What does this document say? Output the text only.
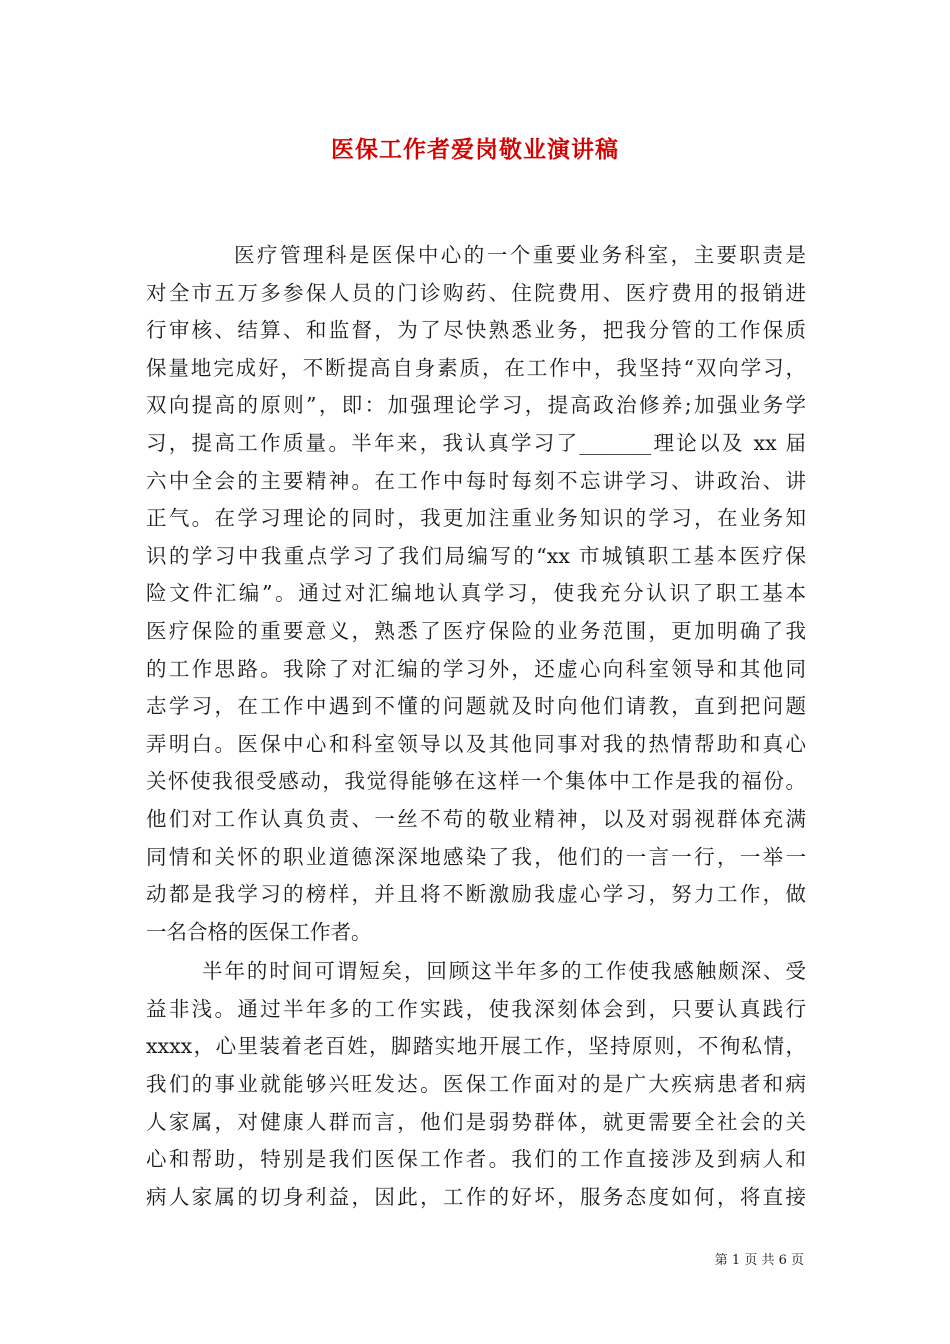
医保工作者爱岗敬业演讲稿
医疗管理科是医保中心的一个重要业务科室，主要职责是
对全市五万多参保人员的门诊购药、住院费用、医疗费用的报销进
行审核、结算、和监督，为了尽快熟悉业务，把我分管的工作保质
保量地完成好，不断提高自身素质，在工作中，我坚持“双向学习，
双向提高的原则”，即：加强理论学习，提高政治修养;加强业务学
习，提高工作质量。半年来，我认真学习了_______理论以及 xx 届
六中全会的主要精神。在工作中每时每刻不忘讲学习、讲政治、讲
正气。在学习理论的同时，我更加注重业务知识的学习，在业务知
识的学习中我重点学习了我们局编写的“xx 市城镇职工基本医疗保
险文件汇编”。通过对汇编地认真学习，使我充分认识了职工基本
医疗保险的重要意义，熟悉了医疗保险的业务范围，更加明确了我
的工作思路。我除了对汇编的学习外，还虚心向科室领导和其他同
志学习，在工作中遇到不懂的问题就及时向他们请教，直到把问题
弄明白。医保中心和科室领导以及其他同事对我的热情帮助和真心
关怀使我很受感动，我觉得能够在这样一个集体中工作是我的福份。
他们对工作认真负责、一丝不苟的敬业精神，以及对弱视群体充满
同情和关怀的职业道德深深地感染了我，他们的一言一行，一举一
动都是我学习的榜样，并且将不断激励我虚心学习，努力工作，做
一名合格的医保工作者。
半年的时间可谓短矣，回顾这半年多的工作使我感触颇深、受
益非浅。通过半年多的工作实践，使我深刻体会到，只要认真践行
xxxx，心里装着老百姓，脚踏实地开展工作，坚持原则，不徇私情，
我们的事业就能够兴旺发达。医保工作面对的是广大疾病患者和病
人家属，对健康人群而言，他们是弱势群体，就更需要全社会的关
心和帮助，特别是我们医保工作者。我们的工作直接涉及到病人和
病人家属的切身利益，因此，工作的好坏，服务态度如何，将直接
第 1 页 共 6 页
